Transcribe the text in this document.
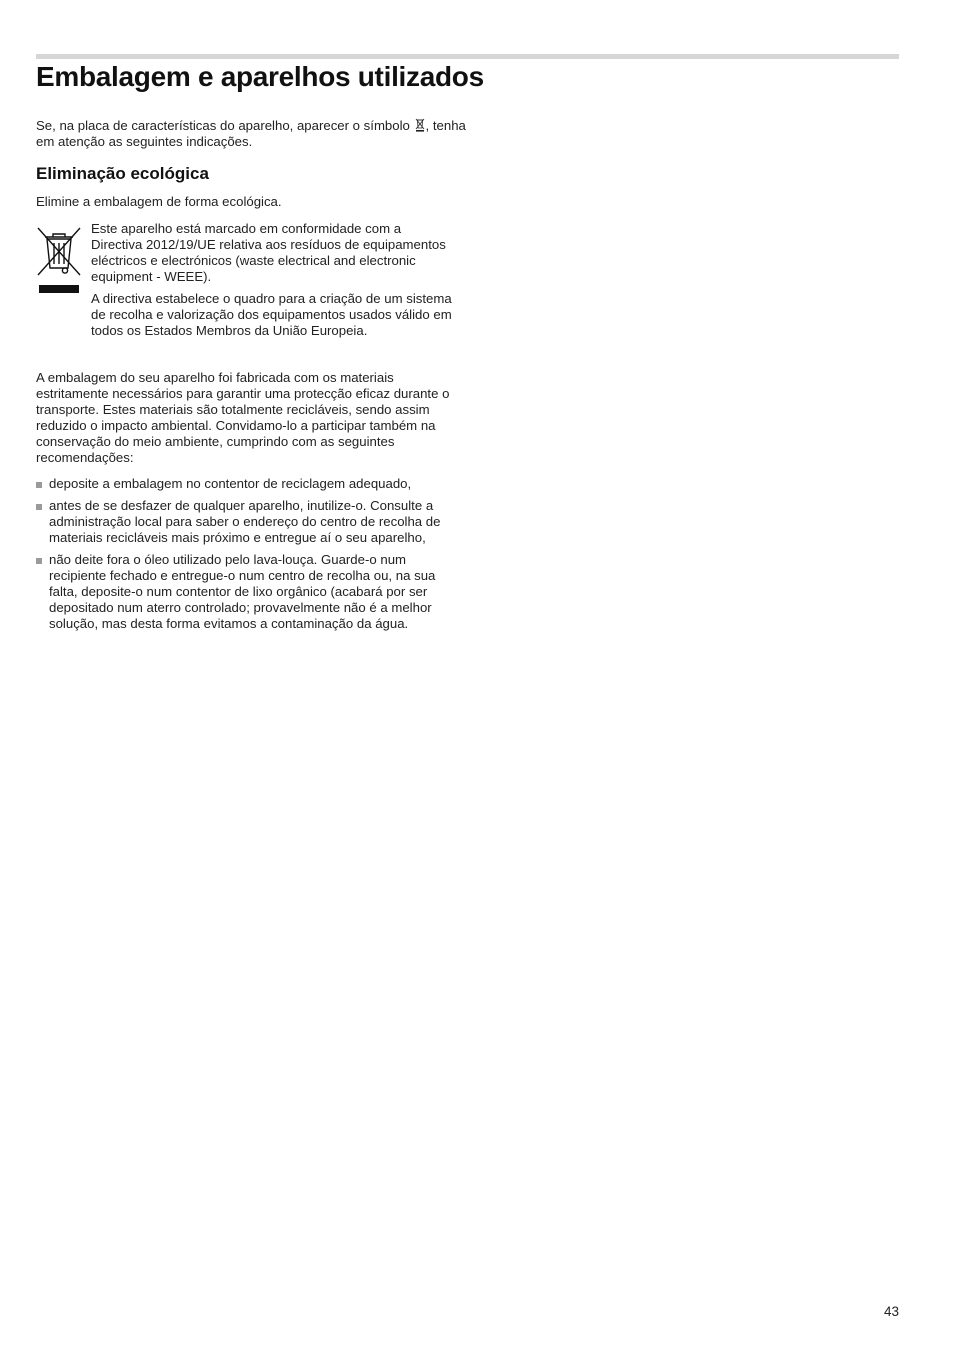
Embalagem e aparelhos utilizados

Se, na placa de características do aparelho, aparecer o símbolo , tenha em atenção as seguintes indicações.

Eliminação ecológica

Elimine a embalagem de forma ecológica.

Este aparelho está marcado em conformidade com a Directiva 2012/19/UE relativa aos resíduos de equipamentos eléctricos e electrónicos (waste electrical and electronic equipment - WEEE).

A directiva estabelece o quadro para a criação de um sistema de recolha e valorização dos equipamentos usados válido em todos os Estados Membros da União Europeia.

A embalagem do seu aparelho foi fabricada com os materiais estritamente necessários para garantir uma protecção eficaz durante o transporte. Estes materiais são totalmente recicláveis, sendo assim reduzido o impacto ambiental. Convidamo-lo a participar também na conservação do meio ambiente, cumprindo com as seguintes recomendações:

deposite a embalagem no contentor de reciclagem adequado,
antes de se desfazer de qualquer aparelho, inutilize-o. Consulte a administração local para saber o endereço do centro de recolha de materiais recicláveis mais próximo e entregue aí o seu aparelho,
não deite fora o óleo utilizado pelo lava-louça. Guarde-o num recipiente fechado e entregue-o num centro de recolha ou, na sua falta, deposite-o num contentor de lixo orgânico (acabará por ser depositado num aterro controlado; provavelmente não é a melhor solução, mas desta forma evitamos a contaminação da água.
43
